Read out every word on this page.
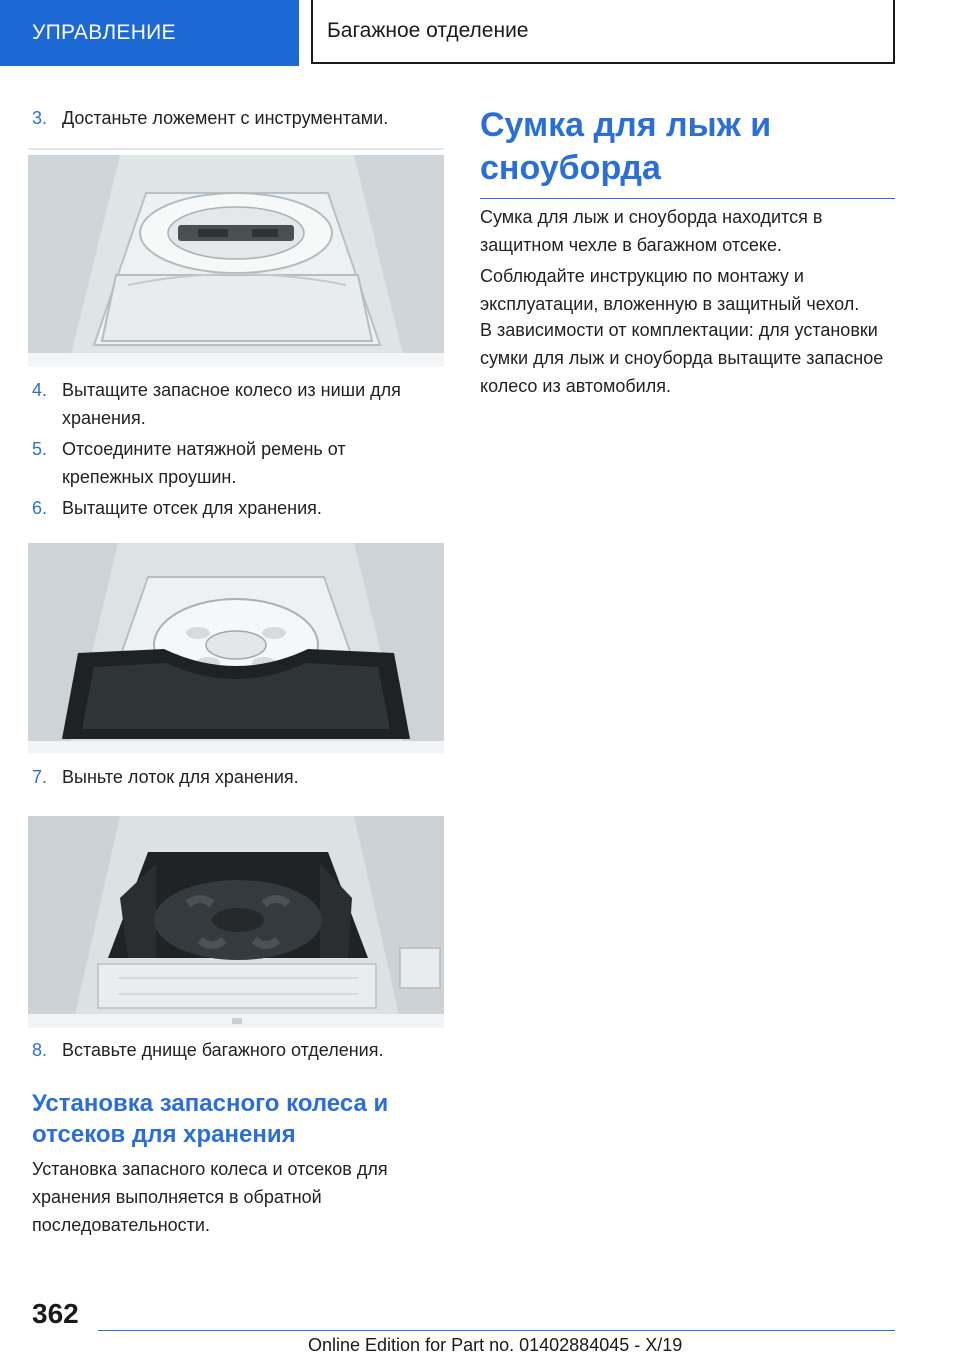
УПРАВЛЕНИЕ	Багажное отделение
3. Достаньте ложемент с инструментами.
4. Вытащите запасное колесо из ниши для хранения.
5. Отсоедините натяжной ремень от крепежных проушин.
6. Вытащите отсек для хранения.
7. Выньте лоток для хранения.
8. Вставьте днище багажного отделения.
Установка запасного колеса и отсеков для хранения
Установка запасного колеса и отсеков для хранения выполняется в обратной последовательности.
Сумка для лыж и сноуборда
Сумка для лыж и сноуборда находится в защитном чехле в багажном отсеке.
Соблюдайте инструкцию по монтажу и эксплуатации, вложенную в защитный чехол.
В зависимости от комплектации: для установки сумки для лыж и сноуборда вытащите запасное колесо из автомобиля.
362
Online Edition for Part no. 01402884045 - X/19
